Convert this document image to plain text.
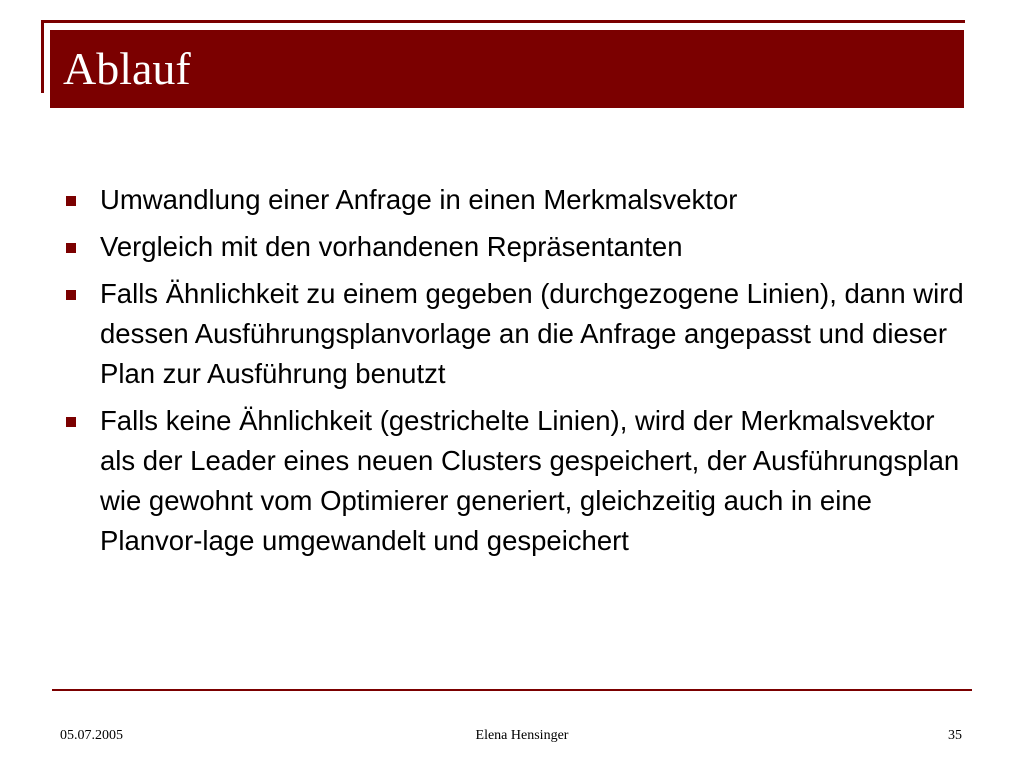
Ablauf
Umwandlung einer Anfrage in einen Merkmalsvektor
Vergleich mit den vorhandenen Repräsentanten
Falls Ähnlichkeit zu einem gegeben (durchgezogene Linien), dann wird dessen Ausführungsplanvorlage an die Anfrage angepasst und dieser Plan zur Ausführung benutzt
Falls keine Ähnlichkeit (gestrichelte Linien), wird der Merkmalsvektor als der Leader eines neuen Clusters gespeichert, der Ausführungsplan wie gewohnt vom Optimierer generiert, gleichzeitig auch in eine Planvor-lage umgewandelt und gespeichert
05.07.2005	Elena Hensinger	35
